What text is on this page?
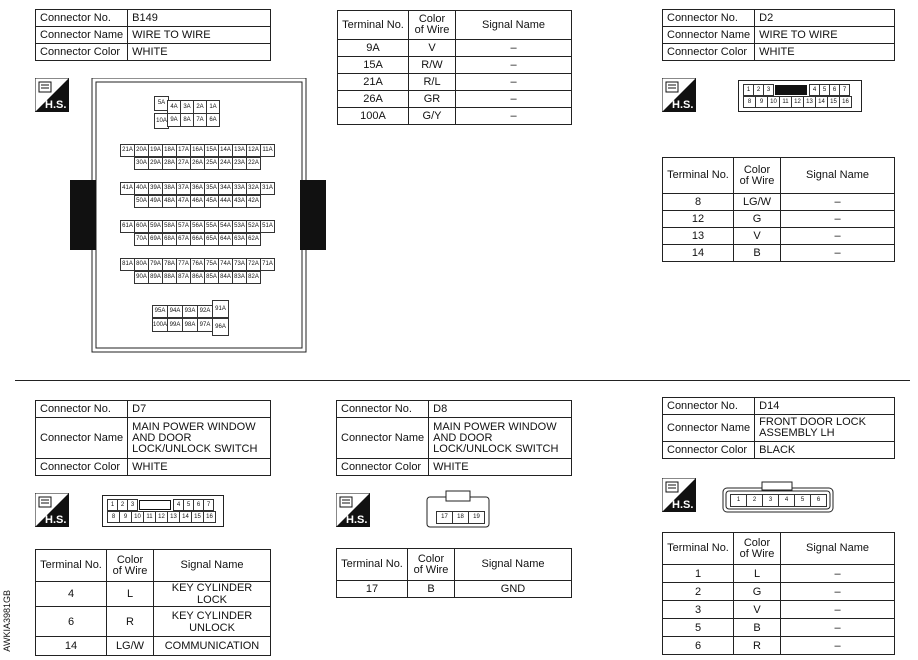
Connector No.	B149
Connector Name	WIRE TO WIRE
Connector Color	WHITE
H.S.	5A
4A 3A 2A 1A
10A 9A 8A 7A 6A
21A 20A 19A 18A 17A 16A 15A 14A 13A 12A 11A
41A 40A 39A 38A 37A 36A 35A 34A 33A 32A 31A
61A 60A 59A 58A 57A 56A 55A 54A 53A 52A 51A
81A 80A 79A 78A 77A 76A 75A 74A 73A 72A 71A
30A 29A 28A 27A 26A 25A 24A 23A 22A
50A 49A 48A 47A 46A 45A 44A 43A 42A
70A 69A 68A 67A 66A 65A 64A 63A 62A
90A 89A 88A 87A 86A 85A 84A 83A 82A
95A 94A 93A 92A 91A
100A 99A 98A 97A 96A
Terminal No.	Color of Wire	Signal Name
9A	V	–
15A	R/W	–
21A	R/L	–
26A	GR	–
100A	G/Y	–
Connector No.	D2
Connector Name	WIRE TO WIRE
Connector Color	WHITE
H.S.
1	2	3	4	5	6	7
8	9	10 11 12 13 14 15 16
Terminal No.	Color of Wire	Signal Name
8	LG/W	–
12	G	–
13	V	–
14	B	–
Connector No.	D7
Connector Name	MAIN POWER WINDOW AND DOOR LOCK/UNLOCK SWITCH
Connector Color	WHITE
H.S.
1	2	3	4	5	6	7
8	9	10 11 12 13 14 15 16
Terminal No.	Color of Wire	Signal Name
4	L	KEY CYLINDER LOCK
6	R	KEY CYLINDER UNLOCK
14	LG/W	COMMUNICATION
Connector No.	D8
Connector Name	MAIN POWER WINDOW AND DOOR LOCK/UNLOCK SWITCH
Connector Color	WHITE
H.S.	17	18	19
Terminal No.	Color of Wire	Signal Name
17	B	GND
Connector No.	D14
Connector Name	FRONT DOOR LOCK ASSEMBLY LH
Connector Color	BLACK
H.S.	1	2	3	4	5	6
Terminal No.	Color of Wire	Signal Name
1	L	–
2	G	–
3	V	–
5	B	–
6	R	–
AWKIA3981GB
